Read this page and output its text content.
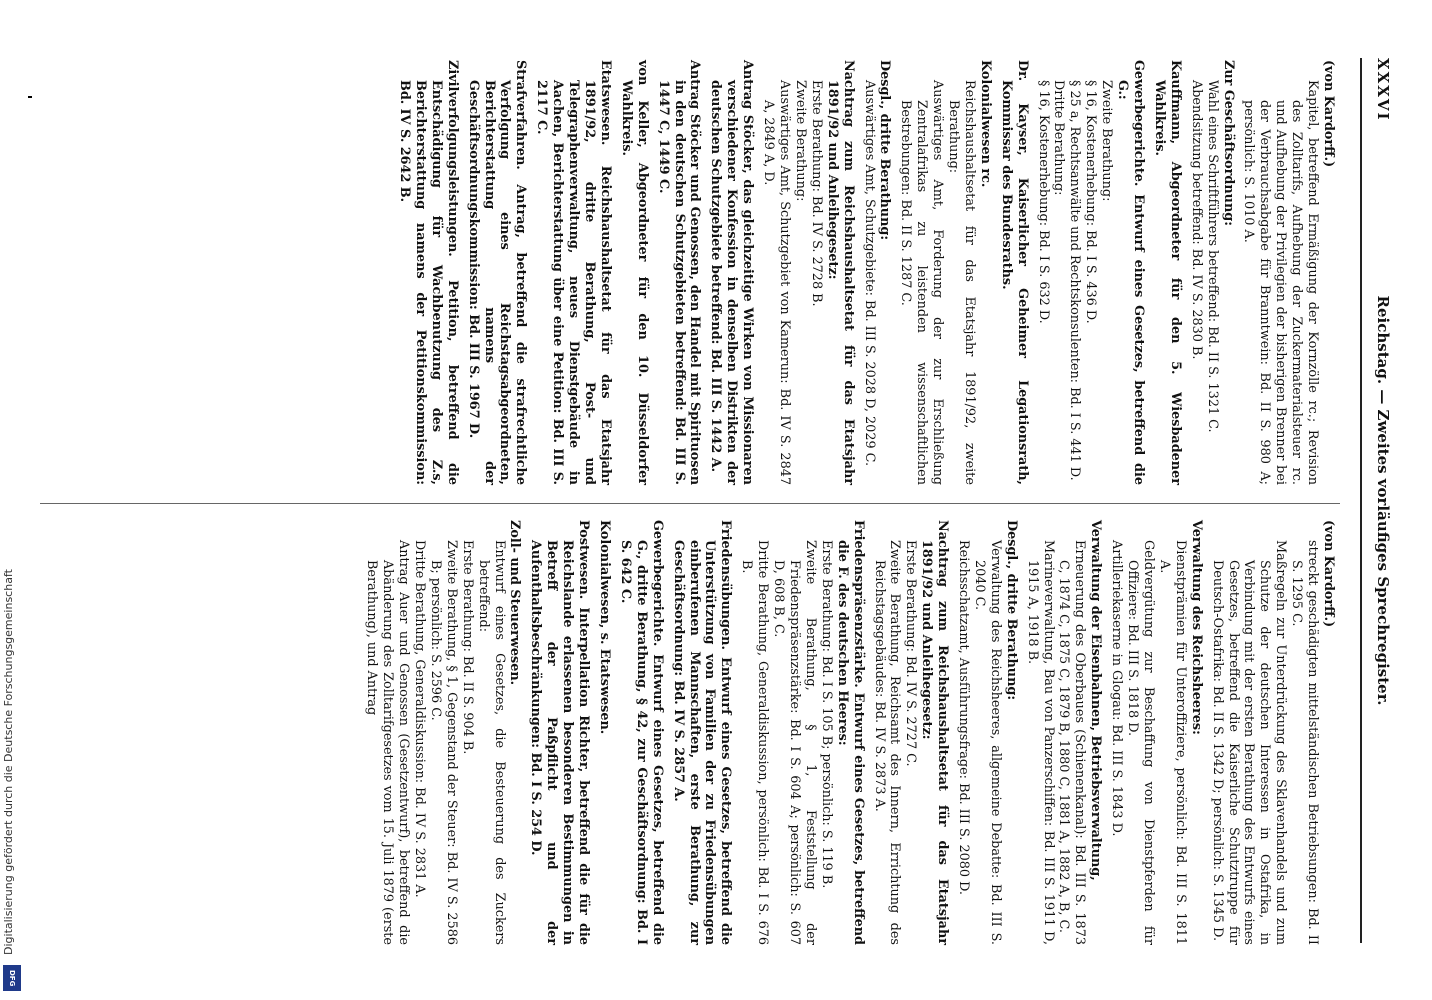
XXXVI
Reichstag. — Zweites vorläufiges Sprechregister.
(von Kardorff.)
Kapitel, betreffend Ermäßigung der Kornzölle rc.; Revision des Zolltarifs, Aufhebung der Zuckermaterialsteuer rc. und Aufhebung der Privilegien der bisherigen Brenner bei der Verbrauchsabgabe für Branntwein: Bd. II S. 980 A; persönlich: S. 1010 A.
Zur Geschäftsordnung:
Wahl eines Schriftführers betreffend: Bd. II S. 1321 C.
Abendsitzung betreffend: Bd. IV S. 2830 B.
Kauffmann, Abgeordneter für den 5. Wiesbadener Wahlkreis.
Gewerbegerichte. Entwurf eines Gesetzes, betreffend die G.:
Zweite Berathung:
§ 16, Kostenerhebung: Bd. I S. 436 D.
§ 25 a, Rechtsanwälte und Rechtskonsulenten: Bd. I S. 441 D.
Dritte Berathung:
§ 16, Kostenerhebung: Bd. I S. 632 D.
Dr. Kayser, Kaiserlicher Geheimer Legationsrath, Kommissar des Bundesraths.
Kolonialwesen rc.
Reichshaushaltsetat für das Etatsjahr 1891/92, zweite Berathung:
Auswärtiges Amt, Forderung der zur Erschließung Zentralafrikas zu leistenden wissenschaftlichen Bestrebungen: Bd. II S. 1287 C.
Desgl., dritte Berathung:
Auswärtiges Amt, Schutzgebiete: Bd. III S. 2028 D, 2029 C.
Nachtrag zum Reichshaushaltsetat für das Etatsjahr 1891/92 und Anleihegesetz:
Erste Berathung: Bd. IV S. 2728 B.
Zweite Berathung:
Auswärtiges Amt, Schutzgebiet von Kamerun: Bd. IV S. 2847 A, 2849 A, D.
Antrag Stöcker, das gleichzeitige Wirken von Missionaren verschiedener Konfession in denselben Distrikten der deutschen Schutzgebiete betreffend: Bd. III S. 1442 A.
Antrag Stöcker und Genossen, den Handel mit Spirituosen in den deutschen Schutzgebieten betreffend: Bd. III S. 1447 C, 1449 C.
von Keller, Abgeordneter für den 10. Düsseldorfer Wahlkreis.
Etatswesen. Reichshaushaltsetat für das Etatsjahr 1891/92, dritte Berathung, Post- und Telegraphenverwaltung, neues Dienstgebäude in Aachen, Berichterstattung über eine Petition: Bd. III S. 2117 C.
Strafverfahren. Antrag, betreffend die strafrechtliche Verfolgung eines Reichstagsabgeordneten, Berichterstattung namens der Geschäftsordnungskommission: Bd. III S. 1967 D.
Zivilverfolgungsleistungen. Petition, betreffend die Entschädigung für Wachbenutzung des Z.s, Berichterstattung namens der Petitionskommission: Bd. IV S. 2642 B.
(von Kardorff.)
streckt geschädigten mittelständischen Betriebsungen: Bd. II S. 1295 C.
Maßregeln zur Unterdrückung des Sklavenhandels und zum Schutze der deutschen Interessen in Ostafrika, in Verbindung mit der ersten Berathung des Entwurfs eines Gesetzes, betreffend die Kaiserliche Schutztruppe für Deutsch-Ostafrika: Bd. II S. 1342 D; persönlich: S. 1345 D.
Verwaltung des Reichsheeres:
Dienstprämien für Unteroffiziere, persönlich: Bd. III S. 1811 A.
Geldvergütung zur Beschaffung von Dienstpferden für Offiziere: Bd. III S. 1818 D.
Artilleriekaserne in Glogau: Bd. III S. 1843 D.
Verwaltung der Eisenbahnen, Betriebsverwaltung,
Erneuerung des Oberbaues (Schienenkanal): Bd. III S. 1873 C, 1874 C, 1875 C, 1879 B, 1880 C, 1881 A, 1882 A, B, C.
Marineverwaltung, Bau von Panzerschiffen: Bd. III S. 1911 D, 1915 A, 1918 B.
Desgl., dritte Berathung:
Verwaltung des Reichsheeres, allgemeine Debatte: Bd. III S. 2040 C.
Reichsschatzamt, Ausführungsfrage: Bd. III S. 2080 D.
Nachtrag zum Reichshaushaltsetat für das Etatsjahr 1891/92 und Anleihegesetz:
Erste Berathung: Bd. IV S. 2727 C.
Zweite Berathung, Reichsamt des Innern, Errichtung des Reichstagsgebäudes: Bd. IV S. 2873 A.
Friedenspräsenzstärke. Entwurf eines Gesetzes, betreffend die F. des deutschen Heeres:
Erste Berathung: Bd. I S. 105 B; persönlich: S. 119 B.
Zweite Berathung, § 1, Feststellung der Friedenspräsenzstärke: Bd. I S. 604 A; persönlich: S. 607 D, 608 B, C.
Dritte Berathung, Generaldiskussion, persönlich: Bd. I S. 676 B.
Friedensübungen. Entwurf eines Gesetzes, betreffend die Unterstützung von Familien der zu Friedensübungen einberufenen Mannschaften, erste Berathung, zur Geschäftsordnung: Bd. IV S. 2857 A.
Gewerbegerichte. Entwurf eines Gesetzes, betreffend die G., dritte Berathung, § 42, zur Geschäftsordnung: Bd. I S. 642 C.
Kolonialwesen, s. Etatswesen.
Postwesen. Interpellation Richter, betreffend die für die Reichslande erlassenen besonderen Bestimmungen in Betreff der Paßpflicht und der Aufenthaltsbeschränkungen: Bd. I S. 254 D.
Zoll- und Steuerwesen.
Entwurf eines Gesetzes, die Besteuerung des Zuckers betreffend:
Erste Berathung: Bd. II S. 904 B.
Zweite Berathung, § 1, Gegenstand der Steuer: Bd. IV S. 2586 B; persönlich: S. 2596 C.
Dritte Berathung, Generaldiskussion: Bd. IV S. 2831 A.
Antrag Auer und Genossen (Gesetzentwurf), betreffend die Abänderung des Zolltarifgesetzes vom 15. Juli 1879 (erste Berathung), und Antrag
Digitalisierung gefördert durch die Deutsche Forschungsgemeinschaft
DFG
